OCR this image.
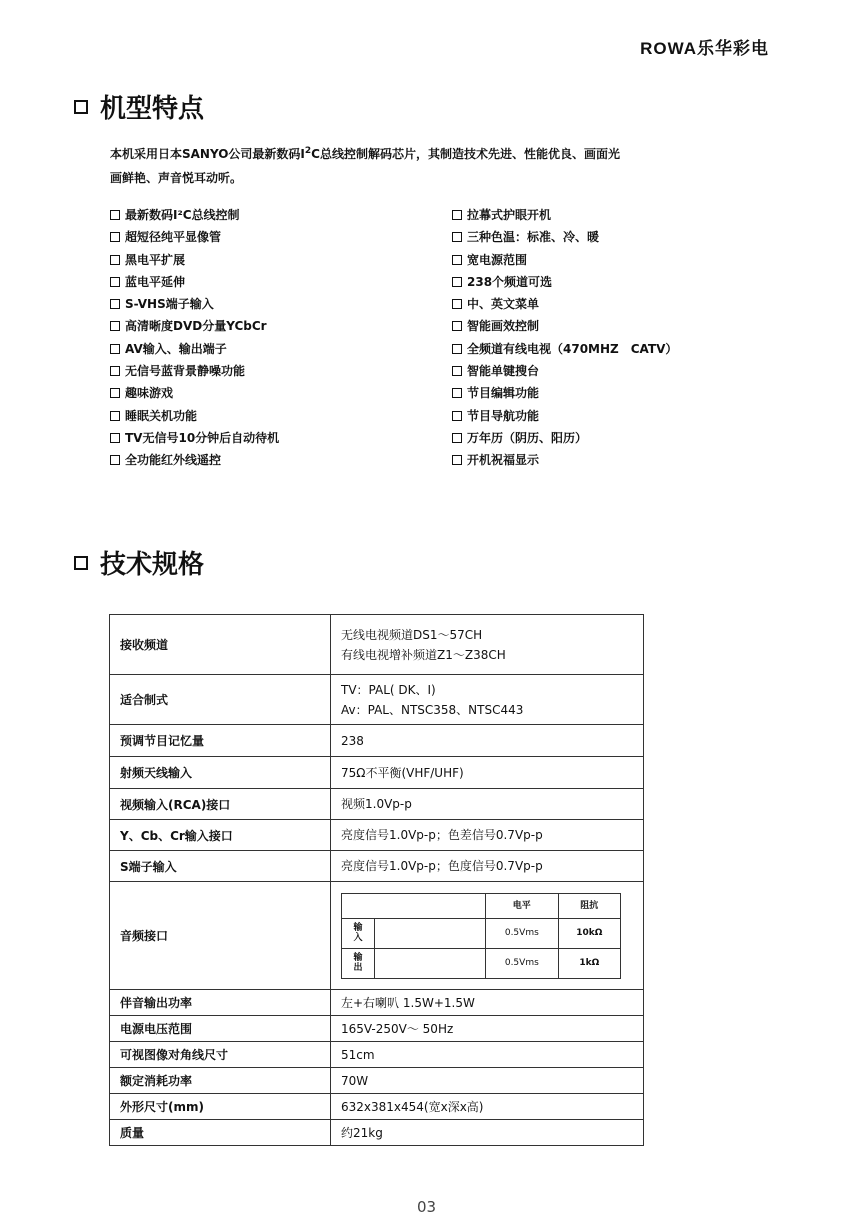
ROWA乐华彩电
机型特点

本机采用日本SANYO公司最新数码$I^2C$总线控制解码芯片，其制造技术先进、性能优良、画面光
画鲜艳、声音悦耳动听。

最新数码I²C总线控制
超短径纯平显像管
黑电平扩展
蓝电平延伸
S-VHS端子输入
高清晰度DVD分量YCbCr
AV输入、输出端子
无信号蓝背景静噪功能
趣味游戏
睡眠关机功能
TV无信号10分钟后自动待机
全功能红外线遥控
拉幕式护眼开机
三种色温：标准、冷、暖
宽电源范围
238个频道可选
中、英文菜单
智能画效控制
全频道有线电视（470MHZ　CATV）
智能单键搜台
节目编辑功能
节目导航功能
万年历（阴历、阳历）
开机祝福显示
技术规格
接收频道	无线电视频道DS1～57CH
有线电视增补频道Z1～Z38CH
适合制式	TV：PAL( DK、I)
Av：PAL、NTSC358、NTSC443
预调节目记忆量	238
射频天线输入	75Ω不平衡(VHF/UHF)
视频输入(RCA)接口	视频1.0Vp-p
Y、Cb、Cr输入接口	亮度信号1.0Vp-p；色差信号0.7Vp-p
S端子输入	亮度信号1.0Vp-p；色度信号0.7Vp-p
音频接口	
	电平	阻抗
输入		0.5Vms	10kΩ
输出		0.5Vms	1kΩ

伴音输出功率	左+右喇叭 1.5W+1.5W
电源电压范围	165V-250V～ 50Hz
可视图像对角线尺寸	51cm
额定消耗功率	70W
外形尺寸(mm)	632x381x454(宽x深x高)
质量	约21kg
03
